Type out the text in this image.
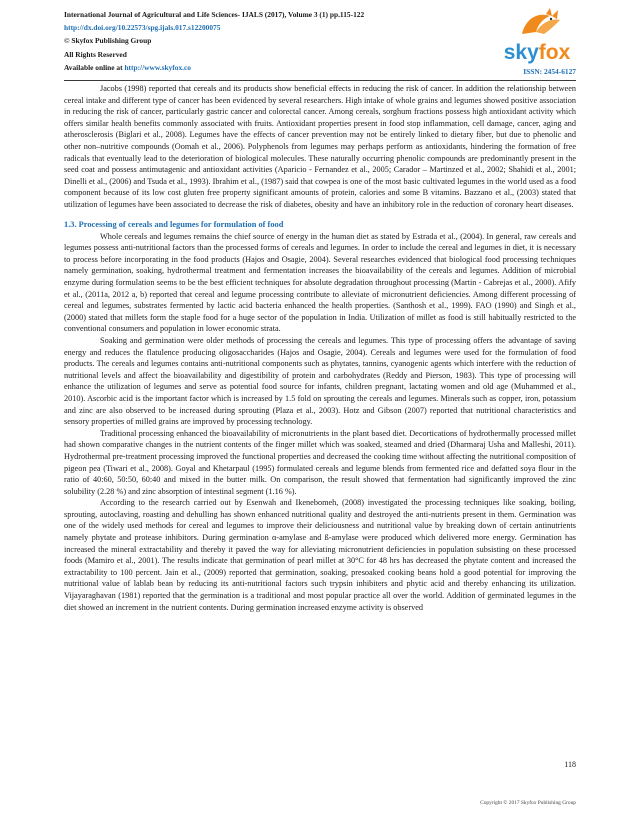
International Journal of Agricultural and Life Sciences- IJALS (2017), Volume 3 (1) pp.115-122
http://dx.doi.org/10.22573/spg.ijals.017.s12200075
© Skyfox Publishing Group
All Rights Reserved
Available online at http://www.skyfox.co
skyfox
ISSN: 2454-6127

Jacobs (1998) reported that cereals and its products show beneficial effects in reducing the risk of cancer. In addition the relationship between cereal intake and different type of cancer has been evidenced by several researchers. High intake of whole grains and legumes showed positive association in reducing the risk of cancer, particularly gastric cancer and colorectal cancer. Among cereals, sorghum fractions possess high antioxidant activity which offers similar health benefits commonly associated with fruits. Antioxidant properties present in food stop inflammation, cell damage, cancer, aging and atherosclerosis (Biglari et al., 2008). Legumes have the effects of cancer prevention may not be entirely linked to dietary fiber, but due to phenolic and other non–nutritive compounds (Oomah et al., 2006). Polyphenols from legumes may perhaps perform as antioxidants, hindering the formation of free radicals that eventually lead to the deterioration of biological molecules. These naturally occurring phenolic compounds are predominantly present in the seed coat and possess antimutagenic and antioxidant activities (Aparicio - Fernandez et al., 2005; Carador – Martinzed et al., 2002; Shahidi et al., 2001; Dinelli et al., (2006) and Tsuda et al., 1993). Ibrahim et al., (1987) said that cowpea is one of the most basic cultivated legumes in the world used as a food component because of its low cost gluten free property significant amounts of protein, calories and some B vitamins. Bazzano et al., (2003) stated that utilization of legumes have been associated to decrease the risk of diabetes, obesity and have an inhibitory role in the reduction of coronary heart diseases.

1.3. Processing of cereals and legumes for formulation of food

Whole cereals and legumes remains the chief source of energy in the human diet as stated by Estrada et al., (2004). In general, raw cereals and legumes possess anti-nutritional factors than the processed forms of cereals and legumes. In order to include the cereal and legumes in diet, it is necessary to process before incorporating in the food products (Hajos and Osagie, 2004). Several researches evidenced that biological food processing techniques namely germination, soaking, hydrothermal treatment and fermentation increases the bioavailability of the cereals and legumes. Addition of microbial enzyme during formulation seems to be the best efficient techniques for absolute degradation throughout processing (Martin - Cabrejas et al., 2000). Afify et al., (2011a, 2012 a, b) reported that cereal and legume processing contribute to alleviate of micronutrient deficiencies. Among different processing of cereal and legumes, substrates fermented by lactic acid bacteria enhanced the health properties. (Santhosh et al., 1999). FAO (1990) and Singh et al., (2000) stated that millets form the staple food for a huge sector of the population in India. Utilization of millet as food is still habitually restricted to the conventional consumers and population in lower economic strata.

Soaking and germination were older methods of processing the cereals and legumes. This type of processing offers the advantage of saving energy and reduces the flatulence producing oligosaccharides (Hajos and Osagie, 2004). Cereals and legumes were used for the formulation of food products. The cereals and legumes contains anti-nutritional components such as phytates, tannins, cyanogenic agents which interfere with the reduction of nutritional levels and affect the bioavailability and digestibility of protein and carbohydrates (Reddy and Pierson, 1983). This type of processing will enhance the utilization of legumes and serve as potential food source for infants, children pregnant, lactating women and old age (Muhammed et al., 2010). Ascorbic acid is the important factor which is increased by 1.5 fold on sprouting the cereals and legumes. Minerals such as copper, iron, potassium and zinc are also observed to be increased during sprouting (Plaza et al., 2003). Hotz and Gibson (2007) reported that nutritional characteristics and sensory properties of milled grains are improved by processing technology.

Traditional processing enhanced the bioavailability of micronutrients in the plant based diet. Decortications of hydrothermally processed millet had shown comparative changes in the nutrient contents of the finger millet which was soaked, steamed and dried (Dharmaraj Usha and Malleshi, 2011). Hydrothermal pre-treatment processing improved the functional properties and decreased the cooking time without affecting the nutritional composition of pigeon pea (Tiwari et al., 2008). Goyal and Khetarpaul (1995) formulated cereals and legume blends from fermented rice and defatted soya flour in the ratio of 40:60, 50:50, 60:40 and mixed in the butter milk. On comparison, the result showed that fermentation had significantly improved the zinc solubility (2.28 %) and zinc absorption of intestinal segment (1.16 %).

According to the research carried out by Esenwah and Ikenebomeh, (2008) investigated the processing techniques like soaking, boiling, sprouting, autoclaving, roasting and dehulling has shown enhanced nutritional quality and destroyed the anti-nutrients present in them. Germination was one of the widely used methods for cereal and legumes to improve their deliciousness and nutritional value by breaking down of certain antinutrients namely phytate and protease inhibitors. During germination α-amylase and ß-amylase were produced which delivered more energy. Germination has increased the mineral extractability and thereby it paved the way for alleviating micronutrient deficiencies in population subsisting on these processed foods (Mamiro et al., 2001). The results indicate that germination of pearl millet at 30°C for 48 hrs has decreased the phytate content and increased the extractability to 100 percent. Jain et al., (2009) reported that germination, soaking, presoaked cooking beans hold a good potential for improving the nutritional value of lablab bean by reducing its anti-nutritional factors such trypsin inhibiters and phytic acid and thereby enhancing its utilization. Vijayaraghavan (1981) reported that the germination is a traditional and most popular practice all over the world. Addition of germinated legumes in the diet showed an increment in the nutrient contents. During germination increased enzyme activity is observed

118
Copyright © 2017 Skyfox Publishing Group
